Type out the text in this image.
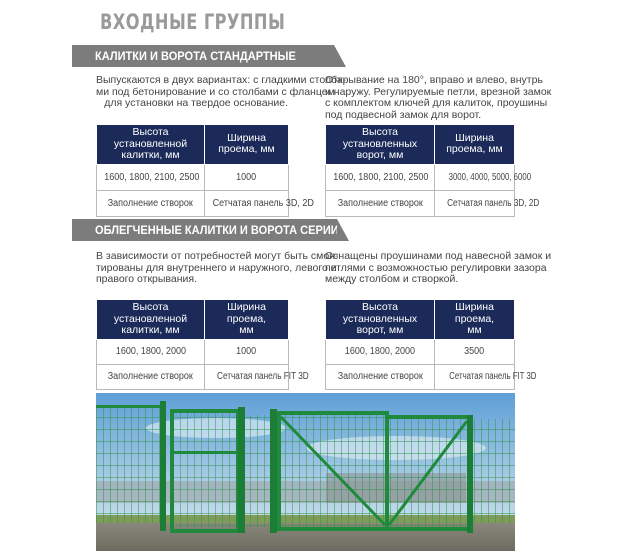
ВХОДНЫЕ ГРУППЫ
КАЛИТКИ И ВОРОТА СТАНДАРТНЫЕ
Выпускаются в двух вариантах: с гладкими столба-
ми под бетонирование и со столбами с фланцем
для установки на твердое основание.
Открывание на 180°, вправо и влево, внутрь
и наружу. Регулируемые петли, врезной замок
с комплектом ключей для калиток, проушины
под подвесной замок для ворот.
Высота установленной
калитки, мм	Ширина проема, мм
1600, 1800, 2100, 2500	1000
Заполнение створок	Сетчатая панель 3D, 2D
Высота установленных
ворот, мм	Ширина проема, мм
1600, 1800, 2100, 2500	3000, 4000, 5000, 6000
Заполнение створок	Сетчатая панель 3D, 2D
ОБЛЕГЧЕННЫЕ КАЛИТКИ И ВОРОТА СЕРИИ FIT
В зависимости от потребностей могут быть смон-
тированы для внутреннего и наружного, левого и
правого открывания.
Оснащены проушинами под навесной замок и
петлями с возможностью регулировки зазора
между столбом и створкой.
Высота установленной
калитки, мм	Ширина проема,
мм
1600, 1800, 2000	1000
Заполнение створок	Сетчатая панель FIT 3D
Высота установленных
ворот, мм	Ширина проема,
мм
1600, 1800, 2000	3500
Заполнение створок	Сетчатая панель FIT 3D
